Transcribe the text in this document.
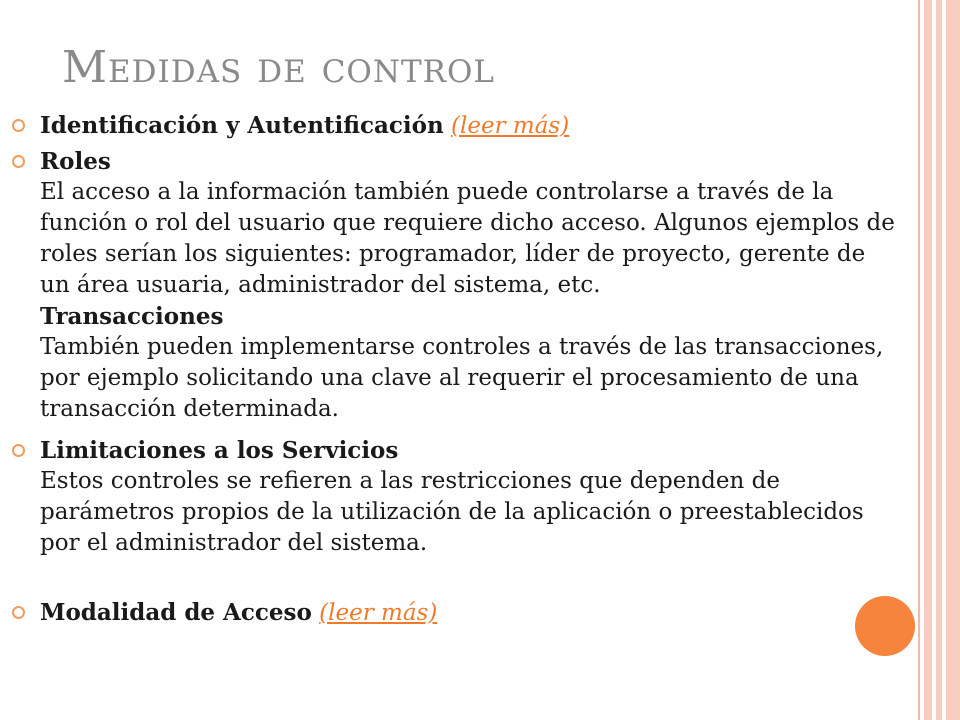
Medidas de control
Identificación y Autentificación (leer más)
Roles
El acceso a la información también puede controlarse a través de la función o rol del usuario que requiere dicho acceso. Algunos ejemplos de roles serían los siguientes: programador, líder de proyecto, gerente de un área usuaria, administrador del sistema, etc.
Transacciones
También pueden implementarse controles a través de las transacciones, por ejemplo solicitando una clave al requerir el procesamiento de una transacción determinada.
Limitaciones a los Servicios
Estos controles se refieren a las restricciones que dependen de parámetros propios de la utilización de la aplicación o preestablecidos por el administrador del sistema.
Modalidad de Acceso (leer más)
